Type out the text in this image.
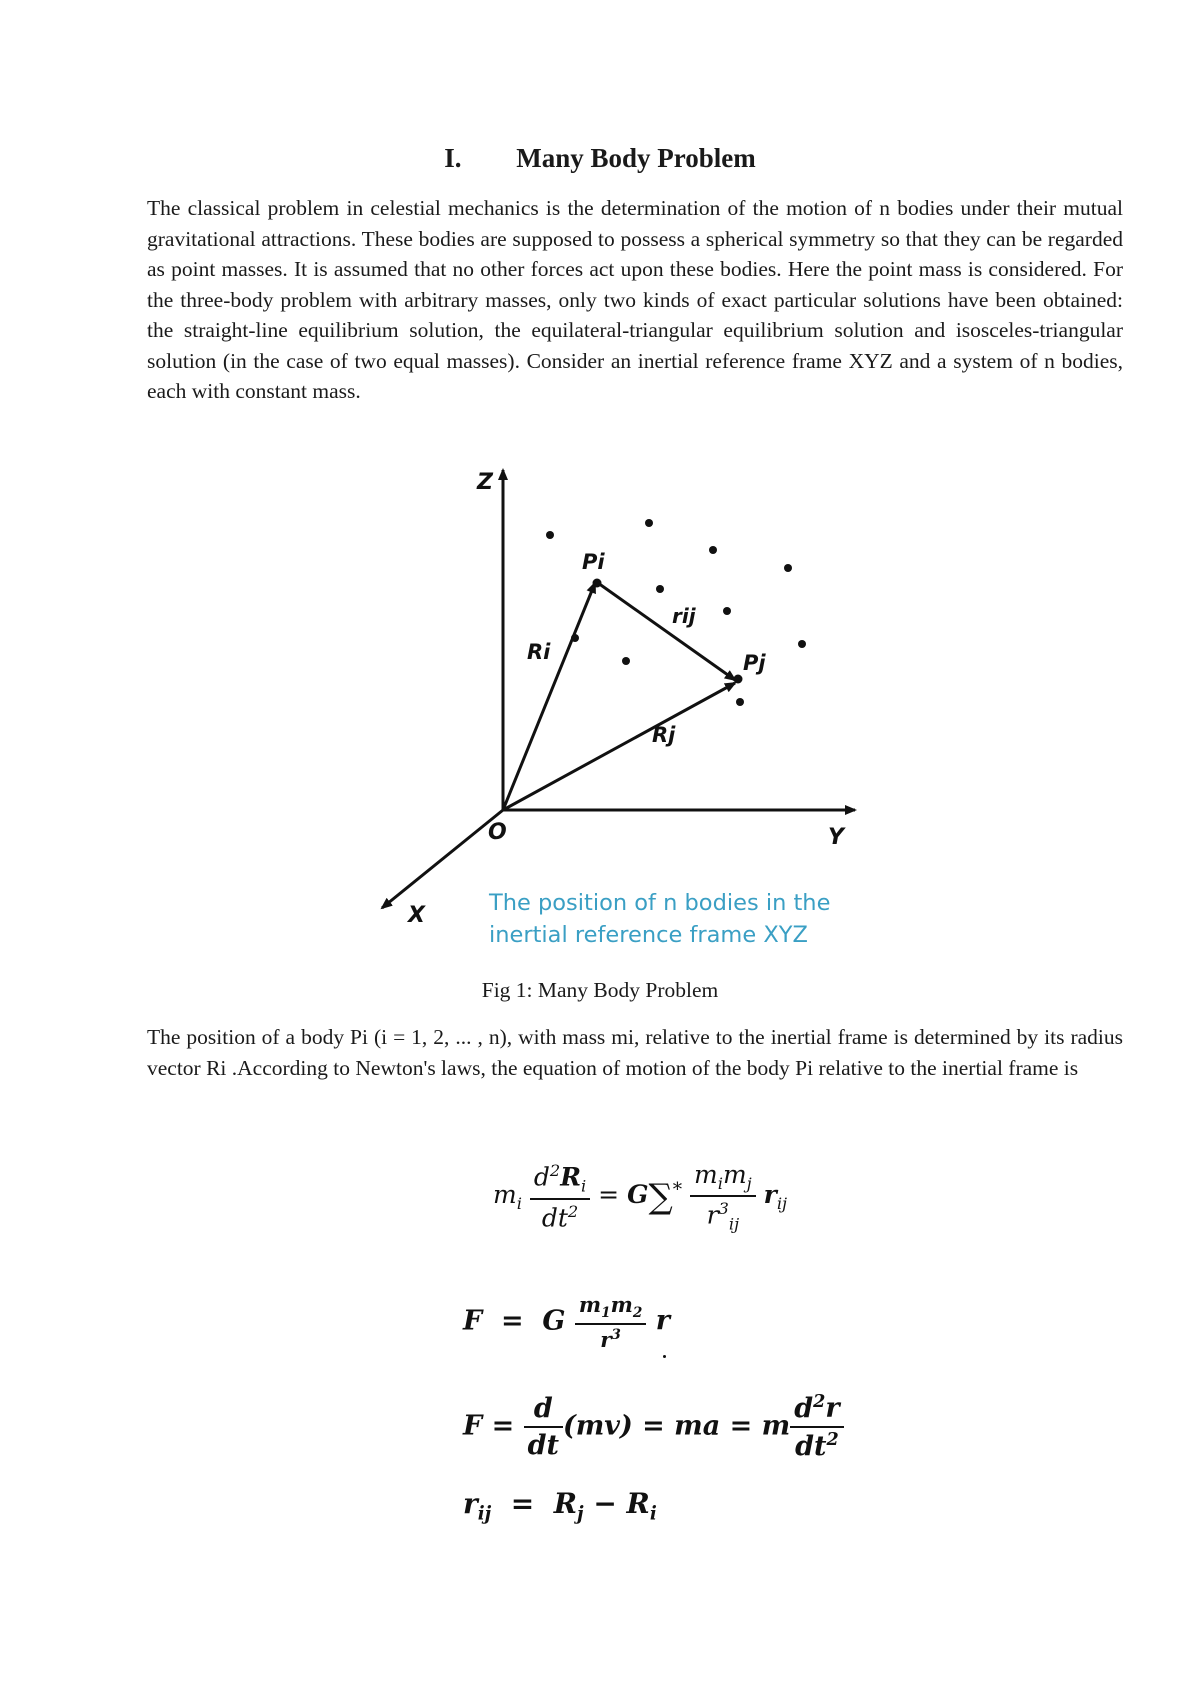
I. Many Body Problem

The classical problem in celestial mechanics is the determination of the motion of n bodies under their mutual gravitational attractions. These bodies are supposed to possess a spherical symmetry so that they can be regarded as point masses. It is assumed that no other forces act upon these bodies. Here the point mass is considered. For the three-body problem with arbitrary masses, only two kinds of exact particular solutions have been obtained: the straight-line equilibrium solution, the equilateral-triangular equilibrium solution and isosceles-triangular solution (in the case of two equal masses). Consider an inertial reference frame XYZ and a system of n bodies, each with constant mass.

Z
Y
X
O
Pi
Pj
Ri
Rj
rij
The position of n bodies in the
inertial reference frame XYZ
Fig 1: Many Body Problem

The position of a body Pi (i = 1, 2, ... , n), with mass mi, relative to the inertial frame is determined by its radius vector Ri .According to Newton's laws, the equation of motion of the body Pi relative to the inertial frame is

$m_i \frac{d^2R_i}{dt^2} = G\sum^* \frac{m_im_j}{r^3_{ij}} r_{ij}$
F  =  G $\frac{m_1m_2}{r^3}$ r
$F = \frac{d}{dt} (mv)$ = ma = m $\frac{d^2r}{dt^2}$
$r_{ij} = R_j - R_i$
